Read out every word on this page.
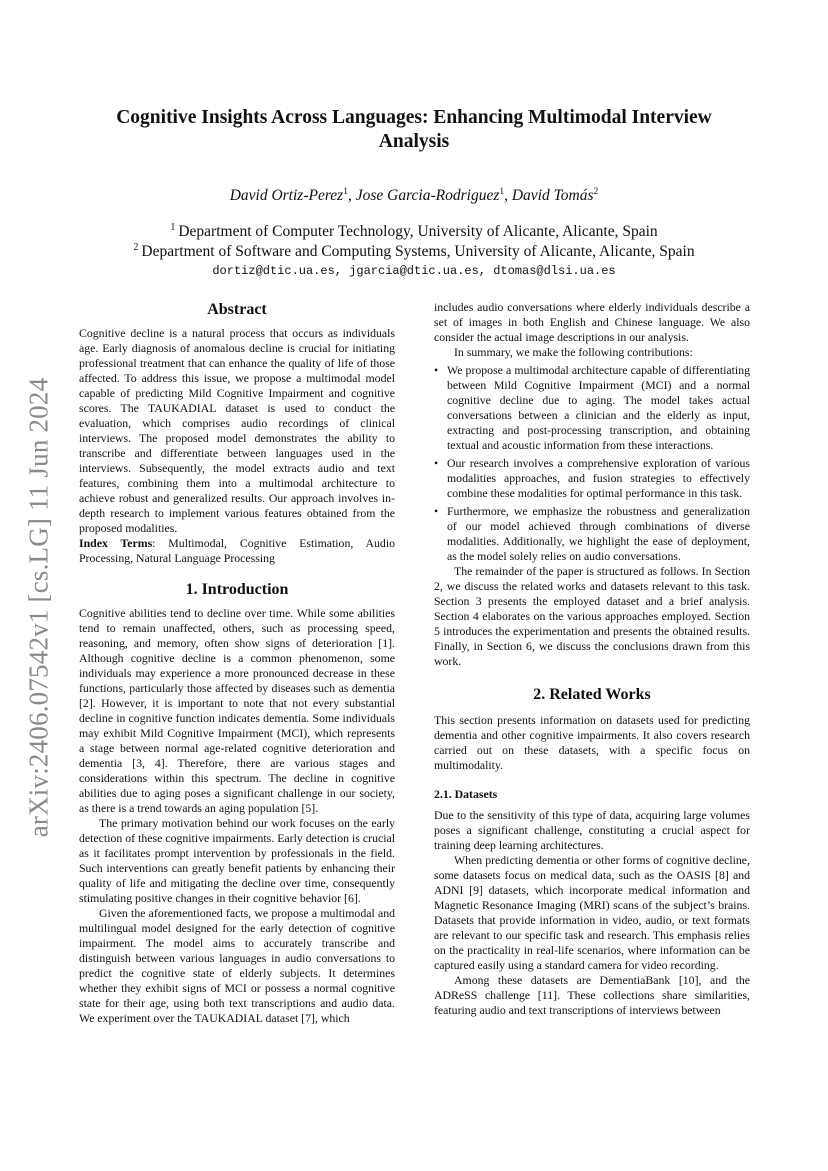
arXiv:2406.07542v1 [cs.LG] 11 Jun 2024
Cognitive Insights Across Languages: Enhancing Multimodal Interview Analysis
David Ortiz-Perez$^1$, Jose Garcia-Rodriguez$^1$, David Tomás$^2$
$^1$ Department of Computer Technology, University of Alicante, Alicante, Spain
$^2$ Department of Software and Computing Systems, University of Alicante, Alicante, Spain
dortiz@dtic.ua.es, jgarcia@dtic.ua.es, dtomas@dlsi.ua.es
Abstract

Cognitive decline is a natural process that occurs as individuals age. Early diagnosis of anomalous decline is crucial for initiating professional treatment that can enhance the quality of life of those affected. To address this issue, we propose a multimodal model capable of predicting Mild Cognitive Impairment and cognitive scores. The TAUKADIAL dataset is used to conduct the evaluation, which comprises audio recordings of clinical interviews. The proposed model demonstrates the ability to transcribe and differentiate between languages used in the interviews. Subsequently, the model extracts audio and text features, combining them into a multimodal architecture to achieve robust and generalized results. Our approach involves in-depth research to implement various features obtained from the proposed modalities.

Index Terms: Multimodal, Cognitive Estimation, Audio Processing, Natural Language Processing

1. Introduction

Cognitive abilities tend to decline over time. While some abilities tend to remain unaffected, others, such as processing speed, reasoning, and memory, often show signs of deterioration [1]. Although cognitive decline is a common phenomenon, some individuals may experience a more pronounced decrease in these functions, particularly those affected by diseases such as dementia [2]. However, it is important to note that not every substantial decline in cognitive function indicates dementia. Some individuals may exhibit Mild Cognitive Impairment (MCI), which represents a stage between normal age-related cognitive deterioration and dementia [3, 4]. Therefore, there are various stages and considerations within this spectrum. The decline in cognitive abilities due to aging poses a significant challenge in our society, as there is a trend towards an aging population [5].

The primary motivation behind our work focuses on the early detection of these cognitive impairments. Early detection is crucial as it facilitates prompt intervention by professionals in the field. Such interventions can greatly benefit patients by enhancing their quality of life and mitigating the decline over time, consequently stimulating positive changes in their cognitive behavior [6].

Given the aforementioned facts, we propose a multimodal and multilingual model designed for the early detection of cognitive impairment. The model aims to accurately transcribe and distinguish between various languages in audio conversations to predict the cognitive state of elderly subjects. It determines whether they exhibit signs of MCI or possess a normal cognitive state for their age, using both text transcriptions and audio data. We experiment over the TAUKADIAL dataset [7], which

includes audio conversations where elderly individuals describe a set of images in both English and Chinese language. We also consider the actual image descriptions in our analysis.

In summary, we make the following contributions:

• We propose a multimodal architecture capable of differentiating between Mild Cognitive Impairment (MCI) and a normal cognitive decline due to aging. The model takes actual conversations between a clinician and the elderly as input, extracting and post-processing transcription, and obtaining textual and acoustic information from these interactions.
• Our research involves a comprehensive exploration of various modalities approaches, and fusion strategies to effectively combine these modalities for optimal performance in this task.
• Furthermore, we emphasize the robustness and generalization of our model achieved through combinations of diverse modalities. Additionally, we highlight the ease of deployment, as the model solely relies on audio conversations.

The remainder of the paper is structured as follows. In Section 2, we discuss the related works and datasets relevant to this task. Section 3 presents the employed dataset and a brief analysis. Section 4 elaborates on the various approaches employed. Section 5 introduces the experimentation and presents the obtained results. Finally, in Section 6, we discuss the conclusions drawn from this work.

2. Related Works

This section presents information on datasets used for predicting dementia and other cognitive impairments. It also covers research carried out on these datasets, with a specific focus on multimodality.

2.1. Datasets

Due to the sensitivity of this type of data, acquiring large volumes poses a significant challenge, constituting a crucial aspect for training deep learning architectures.

When predicting dementia or other forms of cognitive decline, some datasets focus on medical data, such as the OASIS [8] and ADNI [9] datasets, which incorporate medical information and Magnetic Resonance Imaging (MRI) scans of the subject’s brains. Datasets that provide information in video, audio, or text formats are relevant to our specific task and research. This emphasis relies on the practicality in real-life scenarios, where information can be captured easily using a standard camera for video recording.

Among these datasets are DementiaBank [10], and the ADReSS challenge [11]. These collections share similarities, featuring audio and text transcriptions of interviews between
